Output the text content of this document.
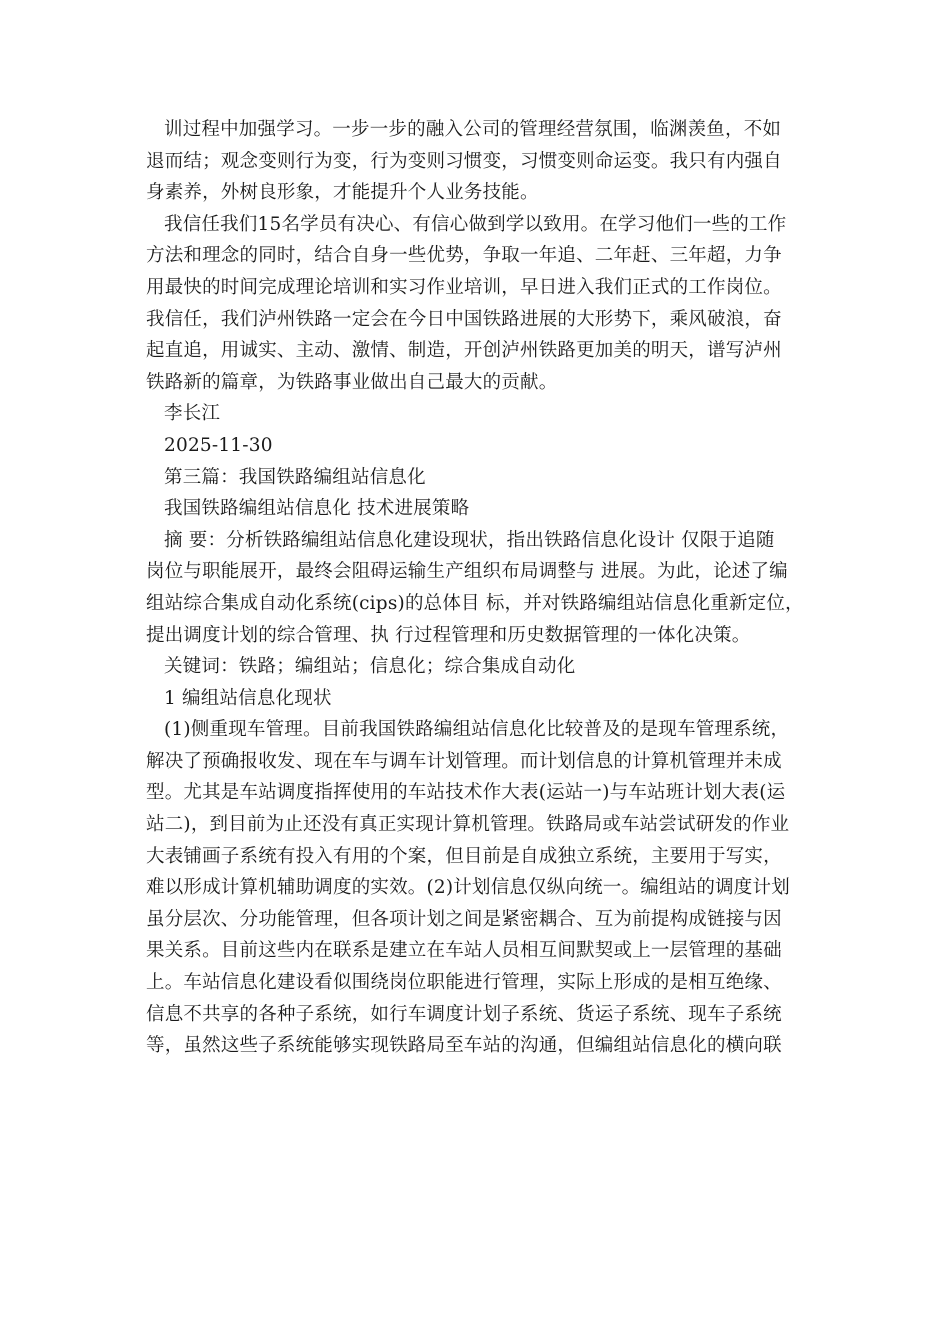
训过程中加强学习。一步一步的融入公司的管理经营氛围，临渊羡鱼，不如
退而结；观念变则行为变，行为变则习惯变，习惯变则命运变。我只有内强自
身素养，外树良形象，才能提升个人业务技能。
我信任我们15名学员有决心、有信心做到学以致用。在学习他们一些的工作
方法和理念的同时，结合自身一些优势，争取一年追、二年赶、三年超，力争
用最快的时间完成理论培训和实习作业培训，早日进入我们正式的工作岗位。
我信任，我们泸州铁路一定会在今日中国铁路进展的大形势下，乘风破浪，奋
起直追，用诚实、主动、激情、制造，开创泸州铁路更加美的明天，谱写泸州
铁路新的篇章，为铁路事业做出自己最大的贡献。
李长江
2025-11-30
第三篇：我国铁路编组站信息化
我国铁路编组站信息化 技术进展策略
摘 要：分析铁路编组站信息化建设现状，指出铁路信息化设计 仅限于追随
岗位与职能展开，最终会阻碍运输生产组织布局调整与 进展。为此，论述了编
组站综合集成自动化系统(cips)的总体目 标，并对铁路编组站信息化重新定位，
提出调度计划的综合管理、执 行过程管理和历史数据管理的一体化决策。
关键词：铁路；编组站；信息化；综合集成自动化
1 编组站信息化现状
(1)侧重现车管理。目前我国铁路编组站信息化比较普及的是现车管理系统，
解决了预确报收发、现在车与调车计划管理。而计划信息的计算机管理并未成
型。尤其是车站调度指挥使用的车站技术作大表(运站一)与车站班计划大表(运
站二)，到目前为止还没有真正实现计算机管理。铁路局或车站尝试研发的作业
大表铺画子系统有投入有用的个案，但目前是自成独立系统，主要用于写实，
难以形成计算机辅助调度的实效。(2)计划信息仅纵向统一。编组站的调度计划
虽分层次、分功能管理，但各项计划之间是紧密耦合、互为前提构成链接与因
果关系。目前这些内在联系是建立在车站人员相互间默契或上一层管理的基础
上。车站信息化建设看似围绕岗位职能进行管理，实际上形成的是相互绝缘、
信息不共享的各种子系统，如行车调度计划子系统、货运子系统、现车子系统
等，虽然这些子系统能够实现铁路局至车站的沟通，但编组站信息化的横向联
